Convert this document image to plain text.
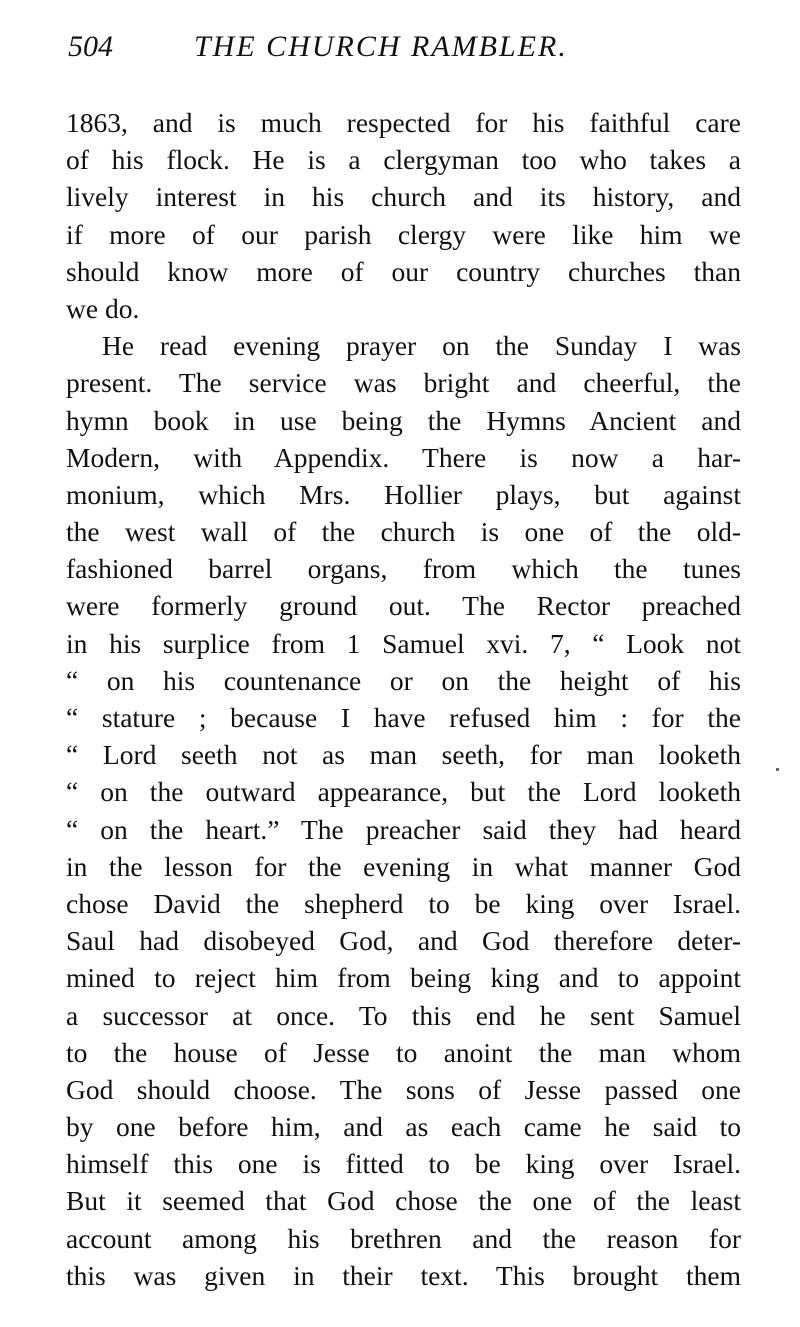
504	THE CHURCH RAMBLER.
1863, and is much respected for his faithful care
of his flock. He is a clergyman too who takes a
lively interest in his church and its history, and
if more of our parish clergy were like him we
should know more of our country churches than
we do.
He read evening prayer on the Sunday I was
present. The service was bright and cheerful, the
hymn book in use being the Hymns Ancient and
Modern, with Appendix. There is now a har-
monium, which Mrs. Hollier plays, but against
the west wall of the church is one of the old-
fashioned barrel organs, from which the tunes
were formerly ground out. The Rector preached
in his surplice from 1 Samuel xvi. 7, “ Look not
“ on his countenance or on the height of his
“ stature ; because I have refused him : for the
“ Lord seeth not as man seeth, for man looketh
“ on the outward appearance, but the Lord looketh
“ on the heart.” The preacher said they had heard
in the lesson for the evening in what manner God
chose David the shepherd to be king over Israel.
Saul had disobeyed God, and God therefore deter-
mined to reject him from being king and to appoint
a successor at once. To this end he sent Samuel
to the house of Jesse to anoint the man whom
God should choose. The sons of Jesse passed one
by one before him, and as each came he said to
himself this one is fitted to be king over Israel.
But it seemed that God chose the one of the least
account among his brethren and the reason for
this was given in their text. This brought them
